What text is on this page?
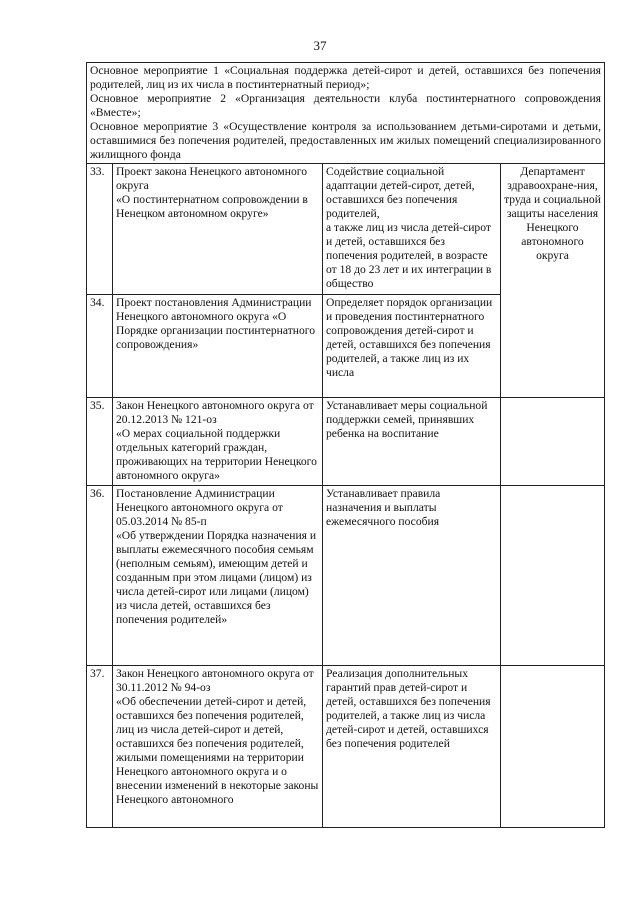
37
Основное мероприятие 1 «Социальная поддержка детей-сирот и детей, оставшихся без попечения родителей, лиц из их числа в постинтернатный период»;
Основное мероприятие 2 «Организация деятельности клуба постинтернатного сопровождения «Вместе»;
Основное мероприятие 3 «Осуществление контроля за использованием детьми-сиротами и детьми, оставшимися без попечения родителей, предоставленных им жилых помещений специализированного жилищного фонда			

33.	Проект закона Ненецкого автономного округа
«О постинтернатном сопровождении в Ненецком автономном округе»	Содействие социальной адаптации детей-сирот, детей, оставшихся без попечения родителей,
а также лиц из числа детей-сирот и детей, оставшихся без попечения родителей, в возрасте от 18 до 23 лет и их интеграции в общество	Департамент здравоохране-ния, труда и социальной защиты населения Ненецкого автономного округа
34.	Проект постановления Администрации Ненецкого автономного округа «О Порядке организации постинтернатного сопровождения»	Определяет порядок организации и проведения постинтернатного сопровождения детей-сирот и детей, оставшихся без попечения родителей, а также лиц из их числа	
35.	Закон Ненецкого автономного округа от 20.12.2013 № 121-оз
«О мерах социальной поддержки отдельных категорий граждан, проживающих на территории Ненецкого автономного округа»	Устанавливает меры социальной поддержки семей, принявших ребенка на воспитание	
36.	Постановление Администрации Ненецкого автономного округа от 05.03.2014 № 85-п
«Об утверждении Порядка назначения и выплаты ежемесячного пособия семьям (неполным семьям), имеющим детей и созданным при этом лицами (лицом) из числа детей-сирот или лицами (лицом) из числа детей, оставшихся без попечения родителей»	Устанавливает правила назначения и выплаты ежемесячного пособия	
37.	Закон Ненецкого автономного округа от 30.11.2012 № 94-оз
«Об обеспечении детей-сирот и детей, оставшихся без попечения родителей, лиц из числа детей-сирот и детей, оставшихся без попечения родителей, жилыми помещениями на территории Ненецкого автономного округа и о внесении изменений в некоторые законы Ненецкого автономного	Реализация дополнительных гарантий прав детей-сирот и детей, оставшихся без попечения родителей, а также лиц из числа детей-сирот и детей, оставшихся без попечения родителей	
